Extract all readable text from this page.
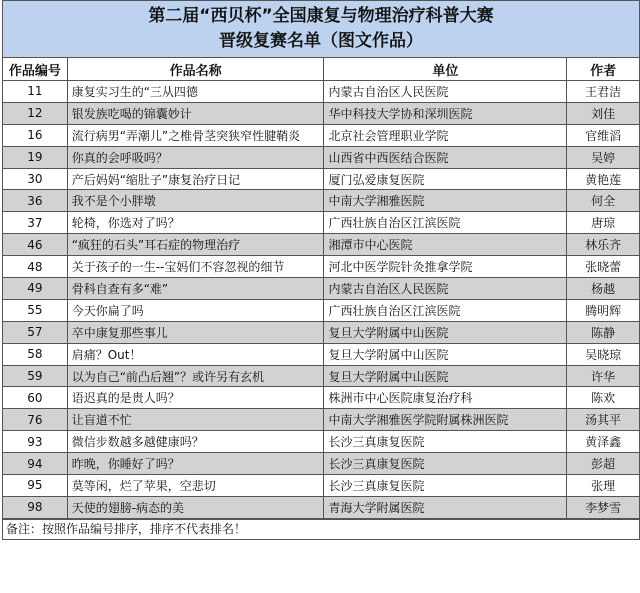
第二届“西贝杯”全国康复与物理治疗科普大赛
晋级复赛名单（图文作品）
作品编号	作品名称	单位	作者
11	康复实习生的“三从四德	内蒙古自治区人民医院	王君洁
12	银发族吃喝的锦囊妙计	华中科技大学协和深圳医院	刘佳
16	流行病男“弄潮儿”之椎骨茎突狭窄性腱鞘炎	北京社会管理职业学院	官维滔
19	你真的会呼吸吗？	山西省中西医结合医院	吴婷
30	产后妈妈“缩肚子”康复治疗日记	厦门弘爱康复医院	黄艳莲
36	我不是个小胖墩	中南大学湘雅医院	何全
37	轮椅，你选对了吗？	广西壮族自治区江滨医院	唐琼
46	“疯狂的石头”耳石症的物理治疗	湘潭市中心医院	林乐齐
48	关于孩子的一生--宝妈们不容忽视的细节	河北中医学院针灸推拿学院	张晓蕾
49	骨科自查有多“难”	内蒙古自治区人民医院	杨越
55	今天你扁了吗	广西壮族自治区江滨医院	腾明辉
57	卒中康复那些事儿	复旦大学附属中山医院	陈静
58	肩痛？Out！	复旦大学附属中山医院	吴晓琼
59	以为自己“前凸后翘”？或许另有玄机	复旦大学附属中山医院	许华
60	语迟真的是贵人吗？	株洲市中心医院康复治疗科	陈欢
76	让盲道不忙	中南大学湘雅医学院附属株洲医院	汤其平
93	微信步数越多越健康吗？	长沙三真康复医院	黄泽鑫
94	昨晚，你睡好了吗？	长沙三真康复医院	彭超
95	莫等闲，烂了苹果，空悲切	长沙三真康复医院	张理
98	天使的翅膀-病态的美	青海大学附属医院	李梦雪
备注：按照作品编号排序，排序不代表排名！
